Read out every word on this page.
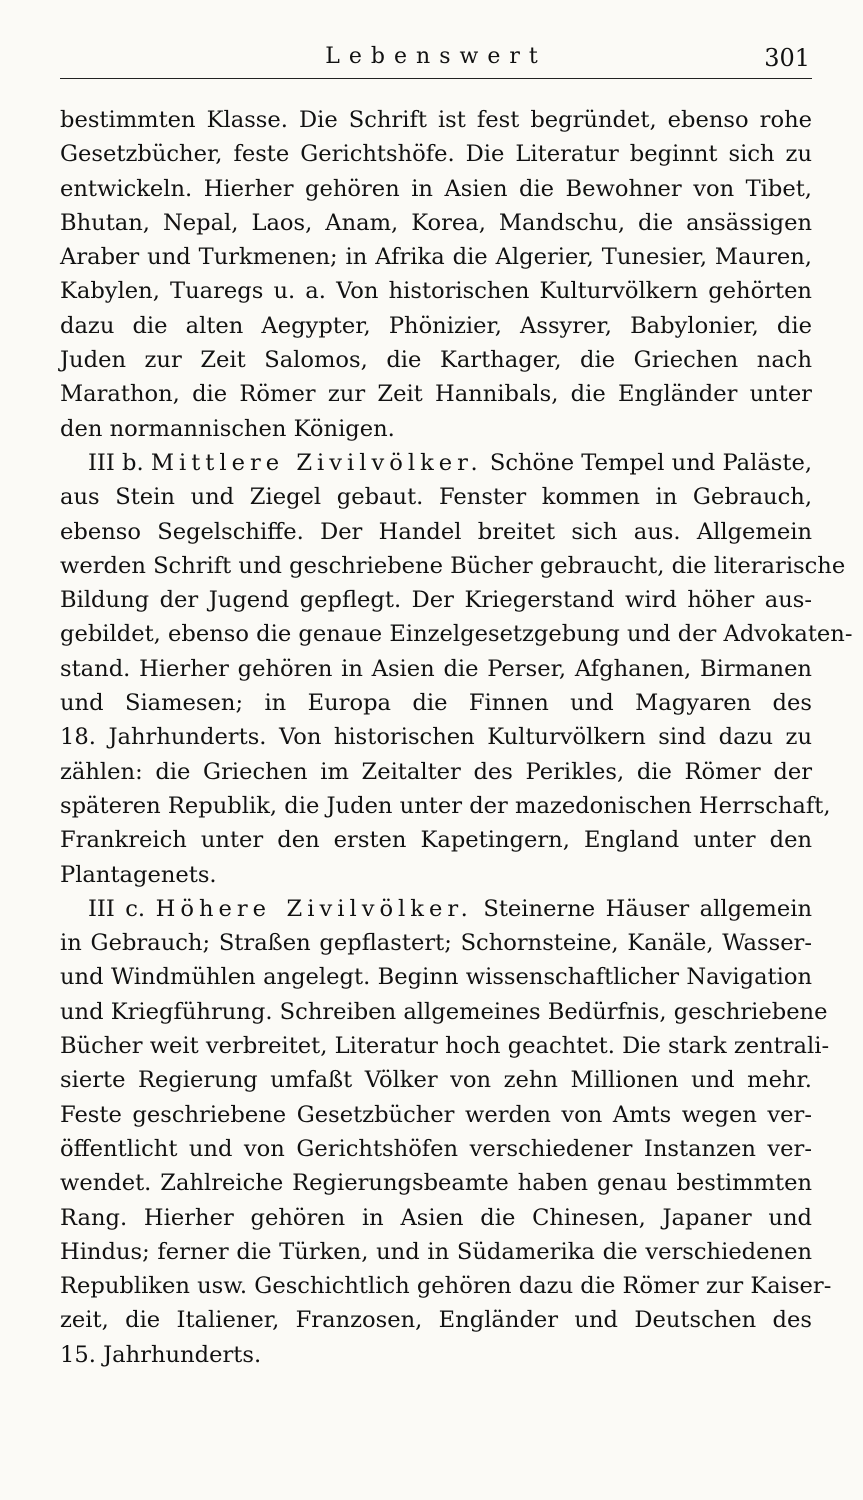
Lebenswert	301

bestimmten Klasse. Die Schrift ist fest begründet, ebenso rohe
Gesetzbücher, feste Gerichtshöfe. Die Literatur beginnt sich zu
entwickeln. Hierher gehören in Asien die Bewohner von Tibet,
Bhutan, Nepal, Laos, Anam, Korea, Mandschu, die ansässigen
Araber und Turkmenen; in Afrika die Algerier, Tunesier, Mauren,
Kabylen, Tuaregs u. a. Von historischen Kulturvölkern gehörten
dazu die alten Aegypter, Phönizier, Assyrer, Babylonier, die
Juden zur Zeit Salomos, die Karthager, die Griechen nach
Marathon, die Römer zur Zeit Hannibals, die Engländer unter
den normannischen Königen.

III b. Mittlere Zivilvölker. Schöne Tempel und Paläste,
aus Stein und Ziegel gebaut. Fenster kommen in Gebrauch,
ebenso Segelschiffe. Der Handel breitet sich aus. Allgemein
werden Schrift und geschriebene Bücher gebraucht, die literarische
Bildung der Jugend gepflegt. Der Kriegerstand wird höher aus-
gebildet, ebenso die genaue Einzelgesetzgebung und der Advokaten-
stand. Hierher gehören in Asien die Perser, Afghanen, Birmanen
und Siamesen; in Europa die Finnen und Magyaren des
18. Jahrhunderts. Von historischen Kulturvölkern sind dazu zu
zählen: die Griechen im Zeitalter des Perikles, die Römer der
späteren Republik, die Juden unter der mazedonischen Herrschaft,
Frankreich unter den ersten Kapetingern, England unter den
Plantagenets.

III c. Höhere Zivilvölker. Steinerne Häuser allgemein
in Gebrauch; Straßen gepflastert; Schornsteine, Kanäle, Wasser-
und Windmühlen angelegt. Beginn wissenschaftlicher Navigation
und Kriegführung. Schreiben allgemeines Bedürfnis, geschriebene
Bücher weit verbreitet, Literatur hoch geachtet. Die stark zentrali-
sierte Regierung umfaßt Völker von zehn Millionen und mehr.
Feste geschriebene Gesetzbücher werden von Amts wegen ver-
öffentlicht und von Gerichtshöfen verschiedener Instanzen ver-
wendet. Zahlreiche Regierungsbeamte haben genau bestimmten
Rang. Hierher gehören in Asien die Chinesen, Japaner und
Hindus; ferner die Türken, und in Südamerika die verschiedenen
Republiken usw. Geschichtlich gehören dazu die Römer zur Kaiser-
zeit, die Italiener, Franzosen, Engländer und Deutschen des
15. Jahrhunderts.
